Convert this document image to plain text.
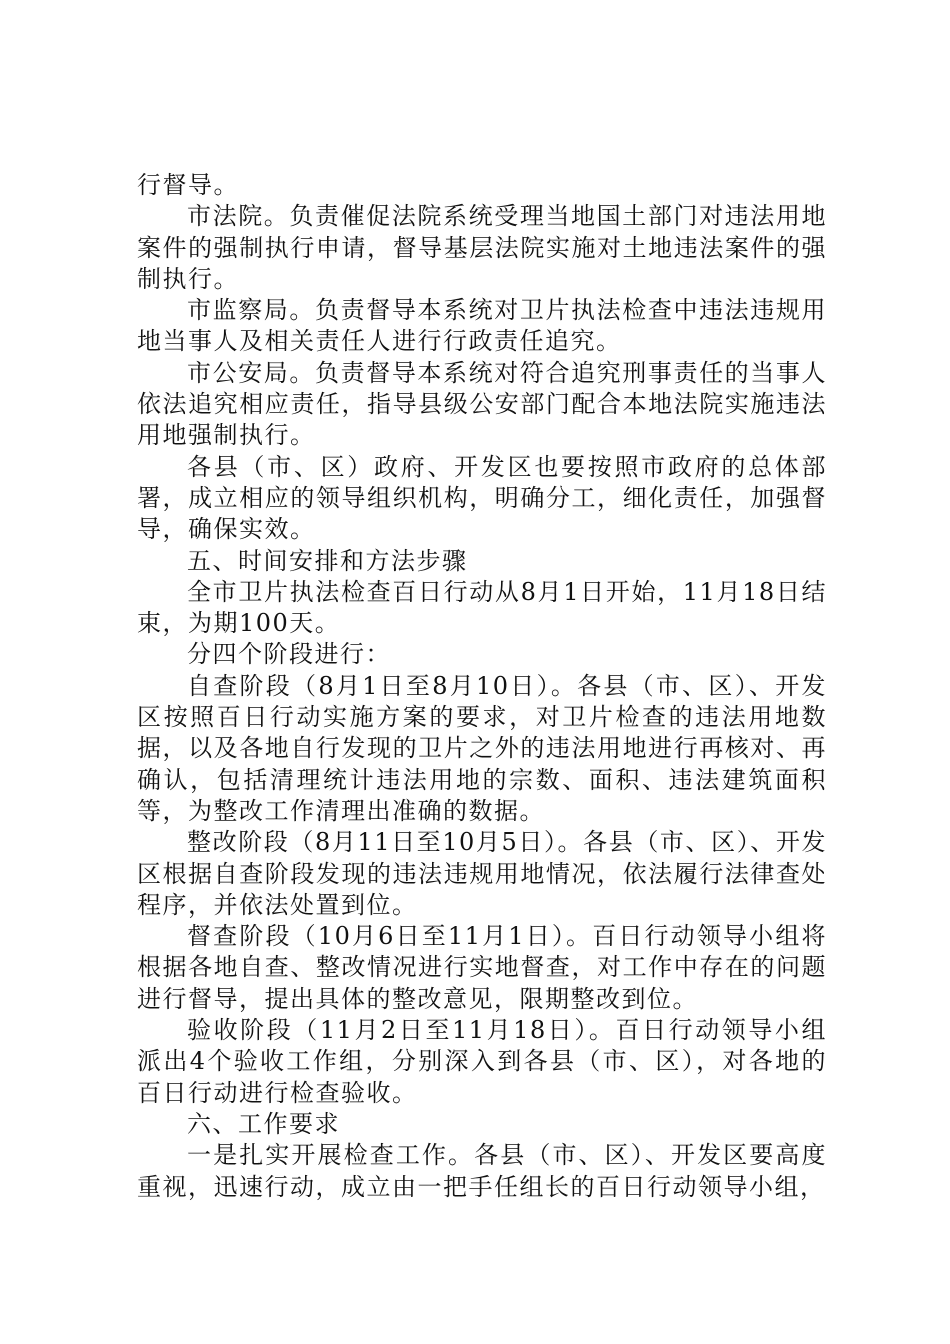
行督导。

市法院。负责催促法院系统受理当地国土部门对违法用地案件的强制执行申请，督导基层法院实施对土地违法案件的强制执行。

市监察局。负责督导本系统对卫片执法检查中违法违规用地当事人及相关责任人进行行政责任追究。

市公安局。负责督导本系统对符合追究刑事责任的当事人依法追究相应责任，指导县级公安部门配合本地法院实施违法用地强制执行。

各县（市、区）政府、开发区也要按照市政府的总体部署，成立相应的领导组织机构，明确分工，细化责任，加强督导，确保实效。

五、时间安排和方法步骤

全市卫片执法检查百日行动从8月1日开始，11月18日结束，为期100天。

分四个阶段进行：

自查阶段（8月1日至8月10日）。各县（市、区）、开发区按照百日行动实施方案的要求，对卫片检查的违法用地数据，以及各地自行发现的卫片之外的违法用地进行再核对、再确认，包括清理统计违法用地的宗数、面积、违法建筑面积等，为整改工作清理出准确的数据。

整改阶段（8月11日至10月5日）。各县（市、区）、开发区根据自查阶段发现的违法违规用地情况，依法履行法律查处程序，并依法处置到位。

督查阶段（10月6日至11月1日）。百日行动领导小组将根据各地自查、整改情况进行实地督查，对工作中存在的问题进行督导，提出具体的整改意见，限期整改到位。

验收阶段（11月2日至11月18日）。百日行动领导小组派出4个验收工作组，分别深入到各县（市、区），对各地的百日行动进行检查验收。

六、工作要求

一是扎实开展检查工作。各县（市、区）、开发区要高度重视，迅速行动，成立由一把手任组长的百日行动领导小组，
